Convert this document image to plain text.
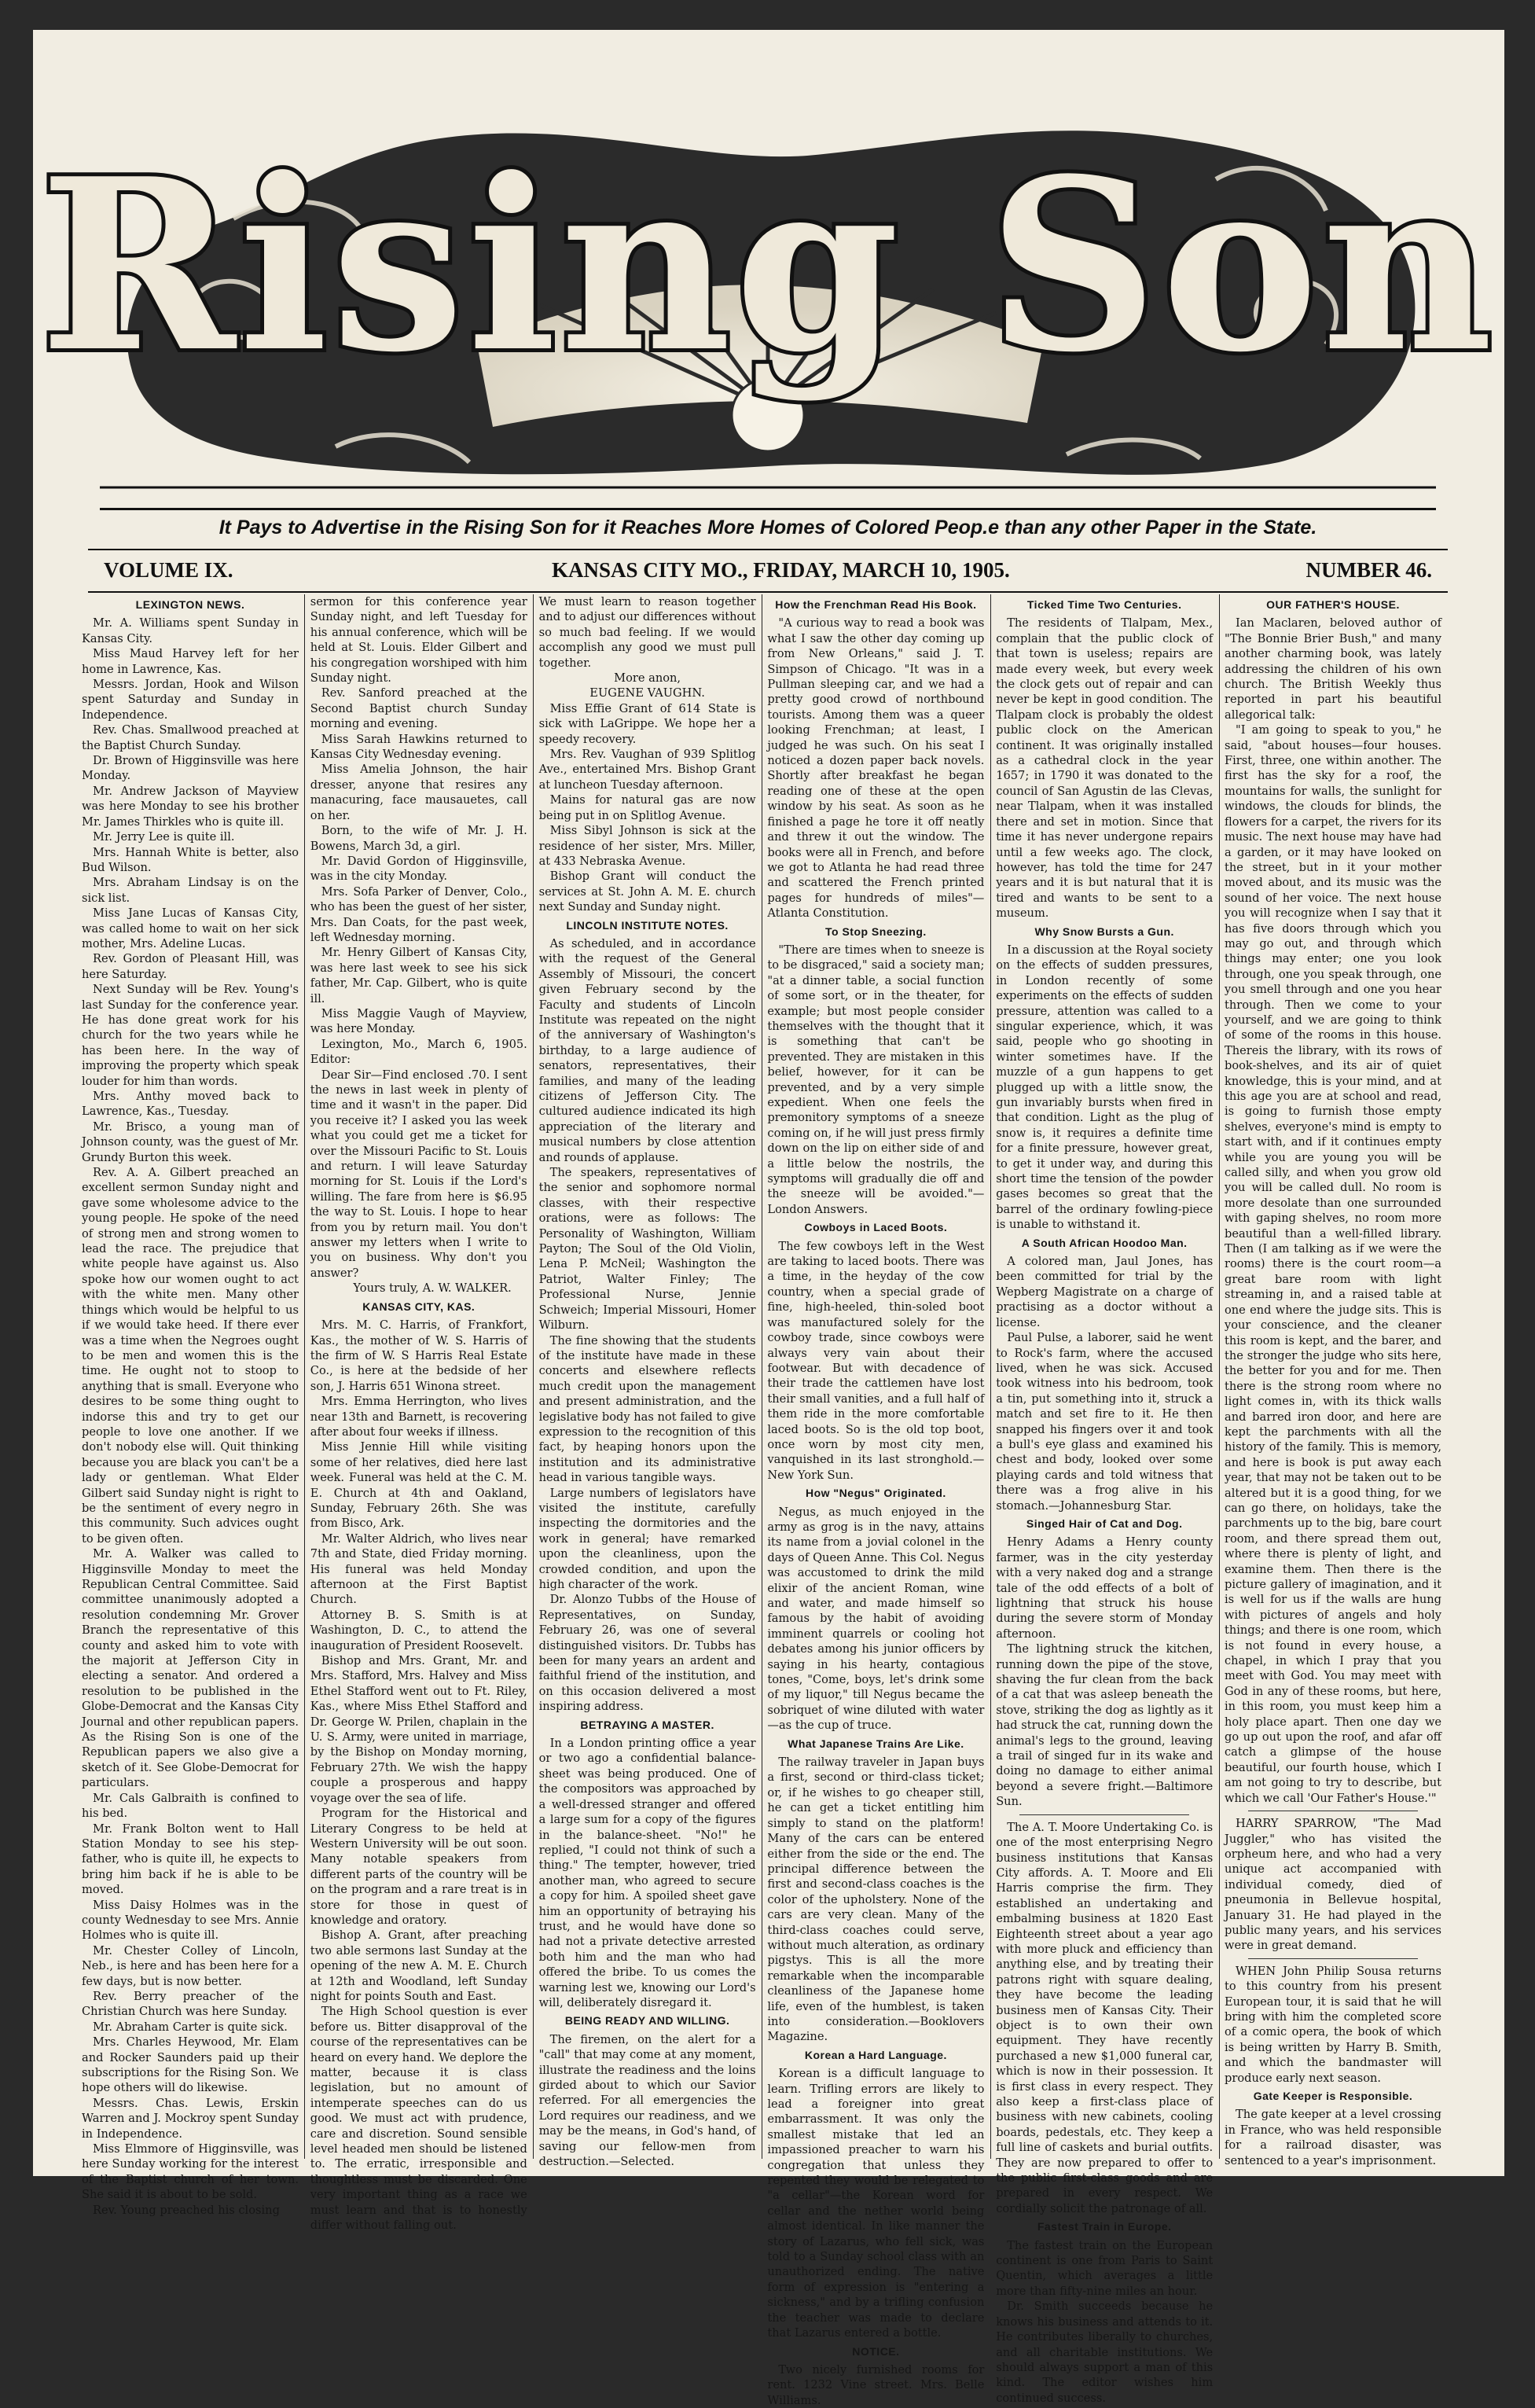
Rising Son
It Pays to Advertise in the Rising Son for it Reaches More Homes of Colored Peop.e than any other Paper in the State.
VOLUME IX.	KANSAS CITY MO., FRIDAY, MARCH 10, 1905.	NUMBER 46.
LEXINGTON NEWS.

Mr. A. Williams spent Sunday in Kansas City.

Miss Maud Harvey left for her home in Lawrence, Kas.

Messrs. Jordan, Hook and Wilson spent Saturday and Sunday in Independence.

Rev. Chas. Smallwood preached at the Baptist Church Sunday.

Dr. Brown of Higginsville was here Monday.

Mr. Andrew Jackson of Mayview was here Monday to see his brother Mr. James Thirkles who is quite ill.

Mr. Jerry Lee is quite ill.

Mrs. Hannah White is better, also Bud Wilson.

Mrs. Abraham Lindsay is on the sick list.

Miss Jane Lucas of Kansas City, was called home to wait on her sick mother, Mrs. Adeline Lucas.

Rev. Gordon of Pleasant Hill, was here Saturday.

Next Sunday will be Rev. Young's last Sunday for the conference year. He has done great work for his church for the two years while he has been here. In the way of improving the property which speak louder for him than words.

Mrs. Anthy moved back to Lawrence, Kas., Tuesday.

Mr. Brisco, a young man of Johnson county, was the guest of Mr. Grundy Burton this week.

Rev. A. A. Gilbert preached an excellent sermon Sunday night and gave some wholesome advice to the young people. He spoke of the need of strong men and strong women to lead the race. The prejudice that white people have against us. Also spoke how our women ought to act with the white men. Many other things which would be helpful to us if we would take heed. If there ever was a time when the Negroes ought to be men and women this is the time. He ought not to stoop to anything that is small. Everyone who desires to be some thing ought to indorse this and try to get our people to love one another. If we don't nobody else will. Quit thinking because you are black you can't be a lady or gentleman. What Elder Gilbert said Sunday night is right to be the sentiment of every negro in this community. Such advices ought to be given often.

Mr. A. Walker was called to Higginsville Monday to meet the Republican Central Committee. Said committee unanimously adopted a resolution condemning Mr. Grover Branch the representative of this county and asked him to vote with the majorit at Jefferson City in electing a senator. And ordered a resolution to be published in the Globe-Democrat and the Kansas City Journal and other republican papers. As the Rising Son is one of the Republican papers we also give a sketch of it. See Globe-Democrat for particulars.

Mr. Cals Galbraith is confined to his bed.

Mr. Frank Bolton went to Hall Station Monday to see his step-father, who is quite ill, he expects to bring him back if he is able to be moved.

Miss Daisy Holmes was in the county Wednesday to see Mrs. Annie Holmes who is quite ill.

Mr. Chester Colley of Lincoln, Neb., is here and has been here for a few days, but is now better.

Rev. Berry preacher of the Christian Church was here Sunday.

Mr. Abraham Carter is quite sick.

Mrs. Charles Heywood, Mr. Elam and Rocker Saunders paid up their subscriptions for the Rising Son. We hope others will do likewise.

Messrs. Chas. Lewis, Erskin Warren and J. Mockroy spent Sunday in Independence.

Miss Elmmore of Higginsville, was here Sunday working for the interest of the Baptist church of her town. She said it is about to be sold.

Rev. Young preached his closing

sermon for this conference year Sunday night, and left Tuesday for his annual conference, which will be held at St. Louis. Elder Gilbert and his congregation worshiped with him Sunday night.

Rev. Sanford preached at the Second Baptist church Sunday morning and evening.

Miss Sarah Hawkins returned to Kansas City Wednesday evening.

Miss Amelia Johnson, the hair dresser, anyone that resires any manacuring, face mausauetes, call on her.

Born, to the wife of Mr. J. H. Bowens, March 3d, a girl.

Mr. David Gordon of Higginsville, was in the city Monday.

Mrs. Sofa Parker of Denver, Colo., who has been the guest of her sister, Mrs. Dan Coats, for the past week, left Wednesday morning.

Mr. Henry Gilbert of Kansas City, was here last week to see his sick father, Mr. Cap. Gilbert, who is quite ill.

Miss Maggie Vaugh of Mayview, was here Monday.

Lexington, Mo., March 6, 1905. Editor:

Dear Sir—Find enclosed .70. I sent the news in last week in plenty of time and it wasn't in the paper. Did you receive it? I asked you las week what you could get me a ticket for over the Missouri Pacific to St. Louis and return. I will leave Saturday morning for St. Louis if the Lord's willing. The fare from here is $6.95 the way to St. Louis. I hope to hear from you by return mail. You don't answer my letters when I write to you on business. Why don't you answer?

Yours truly, A. W. WALKER.

KANSAS CITY, KAS.

Mrs. M. C. Harris, of Frankfort, Kas., the mother of W. S. Harris of the firm of W. S Harris Real Estate Co., is here at the bedside of her son, J. Harris 651 Winona street.

Mrs. Emma Herrington, who lives near 13th and Barnett, is recovering after about four weeks if illness.

Miss Jennie Hill while visiting some of her relatives, died here last week. Funeral was held at the C. M. E. Church at 4th and Oakland, Sunday, February 26th. She was from Bisco, Ark.

Mr. Walter Aldrich, who lives near 7th and State, died Friday morning. His funeral was held Monday afternoon at the First Baptist Church.

Attorney B. S. Smith is at Washington, D. C., to attend the inauguration of President Roosevelt.

Bishop and Mrs. Grant, Mr. and Mrs. Stafford, Mrs. Halvey and Miss Ethel Stafford went out to Ft. Riley, Kas., where Miss Ethel Stafford and Dr. George W. Prilen, chaplain in the U. S. Army, were united in marriage, by the Bishop on Monday morning, February 27th. We wish the happy couple a prosperous and happy voyage over the sea of life.

Program for the Historical and Literary Congress to be held at Western University will be out soon. Many notable speakers from different parts of the country will be on the program and a rare treat is in store for those in quest of knowledge and oratory.

Bishop A. Grant, after preaching two able sermons last Sunday at the opening of the new A. M. E. Church at 12th and Woodland, left Sunday night for points South and East.

The High School question is ever before us. Bitter disapproval of the course of the representatives can be heard on every hand. We deplore the matter, because it is class legislation, but no amount of intemperate speeches can do us good. We must act with prudence, care and discretion. Sound sensible level headed men should be listened to. The erratic, irresponsible and thoughtless must be discarded. One very important thing as a race we must learn and that is to honestly differ without falling out.

We must learn to reason together and to adjust our differences without so much bad feeling. If we would accomplish any good we must pull together.

More anon,

EUGENE VAUGHN.

Miss Effie Grant of 614 State is sick with LaGrippe. We hope her a speedy recovery.

Mrs. Rev. Vaughan of 939 Splitlog Ave., entertained Mrs. Bishop Grant at luncheon Tuesday afternoon.

Mains for natural gas are now being put in on Splitlog Avenue.

Miss Sibyl Johnson is sick at the residence of her sister, Mrs. Miller, at 433 Nebraska Avenue.

Bishop Grant will conduct the services at St. John A. M. E. church next Sunday and Sunday night.

LINCOLN INSTITUTE NOTES.

As scheduled, and in accordance with the request of the General Assembly of Missouri, the concert given February second by the Faculty and students of Lincoln Institute was repeated on the night of the anniversary of Washington's birthday, to a large audience of senators, representatives, their families, and many of the leading citizens of Jefferson City. The cultured audience indicated its high appreciation of the literary and musical numbers by close attention and rounds of applause.

The speakers, representatives of the senior and sophomore normal classes, with their respective orations, were as follows: The Personality of Washington, William Payton; The Soul of the Old Violin, Lena P. McNeil; Washington the Patriot, Walter Finley; The Professional Nurse, Jennie Schweich; Imperial Missouri, Homer Wilburn.

The fine showing that the students of the institute have made in these concerts and elsewhere reflects much credit upon the management and present administration, and the legislative body has not failed to give expression to the recognition of this fact, by heaping honors upon the institution and its administrative head in various tangible ways.

Large numbers of legislators have visited the institute, carefully inspecting the dormitories and the work in general; have remarked upon the cleanliness, upon the crowded condition, and upon the high character of the work.

Dr. Alonzo Tubbs of the House of Representatives, on Sunday, February 26, was one of several distinguished visitors. Dr. Tubbs has been for many years an ardent and faithful friend of the institution, and on this occasion delivered a most inspiring address.

BETRAYING A MASTER.

In a London printing office a year or two ago a confidential balance-sheet was being produced. One of the compositors was approached by a well-dressed stranger and offered a large sum for a copy of the figures in the balance-sheet. "No!" he replied, "I could not think of such a thing." The tempter, however, tried another man, who agreed to secure a copy for him. A spoiled sheet gave him an opportunity of betraying his trust, and he would have done so had not a private detective arrested both him and the man who had offered the bribe. To us comes the warning lest we, knowing our Lord's will, deliberately disregard it.

BEING READY AND WILLING.

The firemen, on the alert for a "call" that may come at any moment, illustrate the readiness and the loins girded about to which our Savior referred. For all emergencies the Lord requires our readiness, and we may be the means, in God's hand, of saving our fellow-men from destruction.—Selected.

How the Frenchman Read His Book.

"A curious way to read a book was what I saw the other day coming up from New Orleans," said J. T. Simpson of Chicago. "It was in a Pullman sleeping car, and we had a pretty good crowd of northbound tourists. Among them was a queer looking Frenchman; at least, I judged he was such. On his seat I noticed a dozen paper back novels. Shortly after breakfast he began reading one of these at the open window by his seat. As soon as he finished a page he tore it off neatly and threw it out the window. The books were all in French, and before we got to Atlanta he had read three and scattered the French printed pages for hundreds of miles"—Atlanta Constitution.

To Stop Sneezing.

"There are times when to sneeze is to be disgraced," said a society man; "at a dinner table, a social function of some sort, or in the theater, for example; but most people consider themselves with the thought that it is something that can't be prevented. They are mistaken in this belief, however, for it can be prevented, and by a very simple expedient. When one feels the premonitory symptoms of a sneeze coming on, if he will just press firmly down on the lip on either side of and a little below the nostrils, the symptoms will gradually die off and the sneeze will be avoided."—London Answers.

Cowboys in Laced Boots.

The few cowboys left in the West are taking to laced boots. There was a time, in the heyday of the cow country, when a special grade of fine, high-heeled, thin-soled boot was manufactured solely for the cowboy trade, since cowboys were always very vain about their footwear. But with decadence of their trade the cattlemen have lost their small vanities, and a full half of them ride in the more comfortable laced boots. So is the old top boot, once worn by most city men, vanquished in its last stronghold.—New York Sun.

How "Negus" Originated.

Negus, as much enjoyed in the army as grog is in the navy, attains its name from a jovial colonel in the days of Queen Anne. This Col. Negus was accustomed to drink the mild elixir of the ancient Roman, wine and water, and made himself so famous by the habit of avoiding imminent quarrels or cooling hot debates among his junior officers by saying in his hearty, contagious tones, "Come, boys, let's drink some of my liquor," till Negus became the sobriquet of wine diluted with water—as the cup of truce.

What Japanese Trains Are Like.

The railway traveler in Japan buys a first, second or third-class ticket; or, if he wishes to go cheaper still, he can get a ticket entitling him simply to stand on the platform! Many of the cars can be entered either from the side or the end. The principal difference between the first and second-class coaches is the color of the upholstery. None of the cars are very clean. Many of the third-class coaches could serve, without much alteration, as ordinary pigstys. This is all the more remarkable when the incomparable cleanliness of the Japanese home life, even of the humblest, is taken into consideration.—Booklovers Magazine.

Korean a Hard Language.

Korean is a difficult language to learn. Trifling errors are likely to lead a foreigner into great embarrassment. It was only the smallest mistake that led an impassioned preacher to warn his congregation that unless they repented they would be relegated to "a cellar"—the Korean word for cellar and the nether world being almost identical. In like manner the story of Lazarus, who fell sick, was told to a Sunday school class with an unauthorized ending. The native form of expression is "entering a sickness," and by a trifling confusion the teacher was made to declare that Lazarus entered a bottle.

NOTICE.

Two nicely furnished rooms for rent. 1232 Vine street. Mrs. Belle Williams.

Ticked Time Two Centuries.

The residents of Tlalpam, Mex., complain that the public clock of that town is useless; repairs are made every week, but every week the clock gets out of repair and can never be kept in good condition. The Tlalpam clock is probably the oldest public clock on the American continent. It was originally installed as a cathedral clock in the year 1657; in 1790 it was donated to the council of San Agustin de las Clevas, near Tlalpam, when it was installed there and set in motion. Since that time it has never undergone repairs until a few weeks ago. The clock, however, has told the time for 247 years and it is but natural that it is tired and wants to be sent to a museum.

Why Snow Bursts a Gun.

In a discussion at the Royal society on the effects of sudden pressures, in London recently of some experiments on the effects of sudden pressure, attention was called to a singular experience, which, it was said, people who go shooting in winter sometimes have. If the muzzle of a gun happens to get plugged up with a little snow, the gun invariably bursts when fired in that condition. Light as the plug of snow is, it requires a definite time for a finite pressure, however great, to get it under way, and during this short time the tension of the powder gases becomes so great that the barrel of the ordinary fowling-piece is unable to withstand it.

A South African Hoodoo Man.

A colored man, Jaul Jones, has been committed for trial by the Wepberg Magistrate on a charge of practising as a doctor without a license.

Paul Pulse, a laborer, said he went to Rock's farm, where the accused lived, when he was sick. Accused took witness into his bedroom, took a tin, put something into it, struck a match and set fire to it. He then snapped his fingers over it and took a bull's eye glass and examined his chest and body, looked over some playing cards and told witness that there was a frog alive in his stomach.—Johannesburg Star.

Singed Hair of Cat and Dog.

Henry Adams a Henry county farmer, was in the city yesterday with a very naked dog and a strange tale of the odd effects of a bolt of lightning that struck his house during the severe storm of Monday afternoon.

The lightning struck the kitchen, running down the pipe of the stove, shaving the fur clean from the back of a cat that was asleep beneath the stove, striking the dog as lightly as it had struck the cat, running down the animal's legs to the ground, leaving a trail of singed fur in its wake and doing no damage to either animal beyond a severe fright.—Baltimore Sun.

The A. T. Moore Undertaking Co. is one of the most enterprising Negro business institutions that Kansas City affords. A. T. Moore and Eli Harris comprise the firm. They established an undertaking and embalming business at 1820 East Eighteenth street about a year ago with more pluck and efficiency than anything else, and by treating their patrons right with square dealing, they have become the leading business men of Kansas City. Their object is to own their own equipment. They have recently purchased a new $1,000 funeral car, which is now in their possession. It is first class in every respect. They also keep a first-class place of business with new cabinets, cooling boards, pedestals, etc. They keep a full line of caskets and burial outfits. They are now prepared to offer to the public first-class goods and are prepared in every respect. We cordially solicit the patronage of all.

Fastest Train in Europe.

The fastest train on the European continent is one from Paris to Saint Quentin, which averages a little more than fifty-nine miles an hour.

Dr. Smith succeeds because he knows his business and attends to it. He contributes liberally to churches, and all charitable institutions. We should always support a man of this kind. The editor wishes him continued success.

OUR FATHER'S HOUSE.

Ian Maclaren, beloved author of "The Bonnie Brier Bush," and many another charming book, was lately addressing the children of his own church. The British Weekly thus reported in part his beautiful allegorical talk:

"I am going to speak to you," he said, "about houses—four houses. First, three, one within another. The first has the sky for a roof, the mountains for walls, the sunlight for windows, the clouds for blinds, the flowers for a carpet, the rivers for its music. The next house may have had a garden, or it may have looked on the street, but in it your mother moved about, and its music was the sound of her voice. The next house you will recognize when I say that it has five doors through which you may go out, and through which things may enter; one you look through, one you speak through, one you smell through and one you hear through. Then we come to your yourself, and we are going to think of some of the rooms in this house. Thereis the library, with its rows of book-shelves, and its air of quiet knowledge, this is your mind, and at this age you are at school and read, is going to furnish those empty shelves, everyone's mind is empty to start with, and if it continues empty while you are young you will be called silly, and when you grow old you will be called dull. No room is more desolate than one surrounded with gaping shelves, no room more beautiful than a well-filled library. Then (I am talking as if we were the rooms) there is the court room—a great bare room with light streaming in, and a raised table at one end where the judge sits. This is your conscience, and the cleaner this room is kept, and the barer, and the stronger the judge who sits here, the better for you and for me. Then there is the strong room where no light comes in, with its thick walls and barred iron door, and here are kept the parchments with all the history of the family. This is memory, and here is book is put away each year, that may not be taken out to be altered but it is a good thing, for we can go there, on holidays, take the parchments up to the big, bare court room, and there spread them out, where there is plenty of light, and examine them. Then there is the picture gallery of imagination, and it is well for us if the walls are hung with pictures of angels and holy things; and there is one room, which is not found in every house, a chapel, in which I pray that you meet with God. You may meet with God in any of these rooms, but here, in this room, you must keep him a holy place apart. Then one day we go up out upon the roof, and afar off catch a glimpse of the house beautiful, our fourth house, which I am not going to try to describe, but which we call 'Our Father's House.'"

HARRY SPARROW, "The Mad Juggler," who has visited the orpheum here, and who had a very unique act accompanied with individual comedy, died of pneumonia in Bellevue hospital, January 31. He had played in the public many years, and his services were in great demand.

WHEN John Philip Sousa returns to this country from his present European tour, it is said that he will bring with him the completed score of a comic opera, the book of which is being written by Harry B. Smith, and which the bandmaster will produce early next season.

Gate Keeper is Responsible.

The gate keeper at a level crossing in France, who was held responsible for a railroad disaster, was sentenced to a year's imprisonment.
